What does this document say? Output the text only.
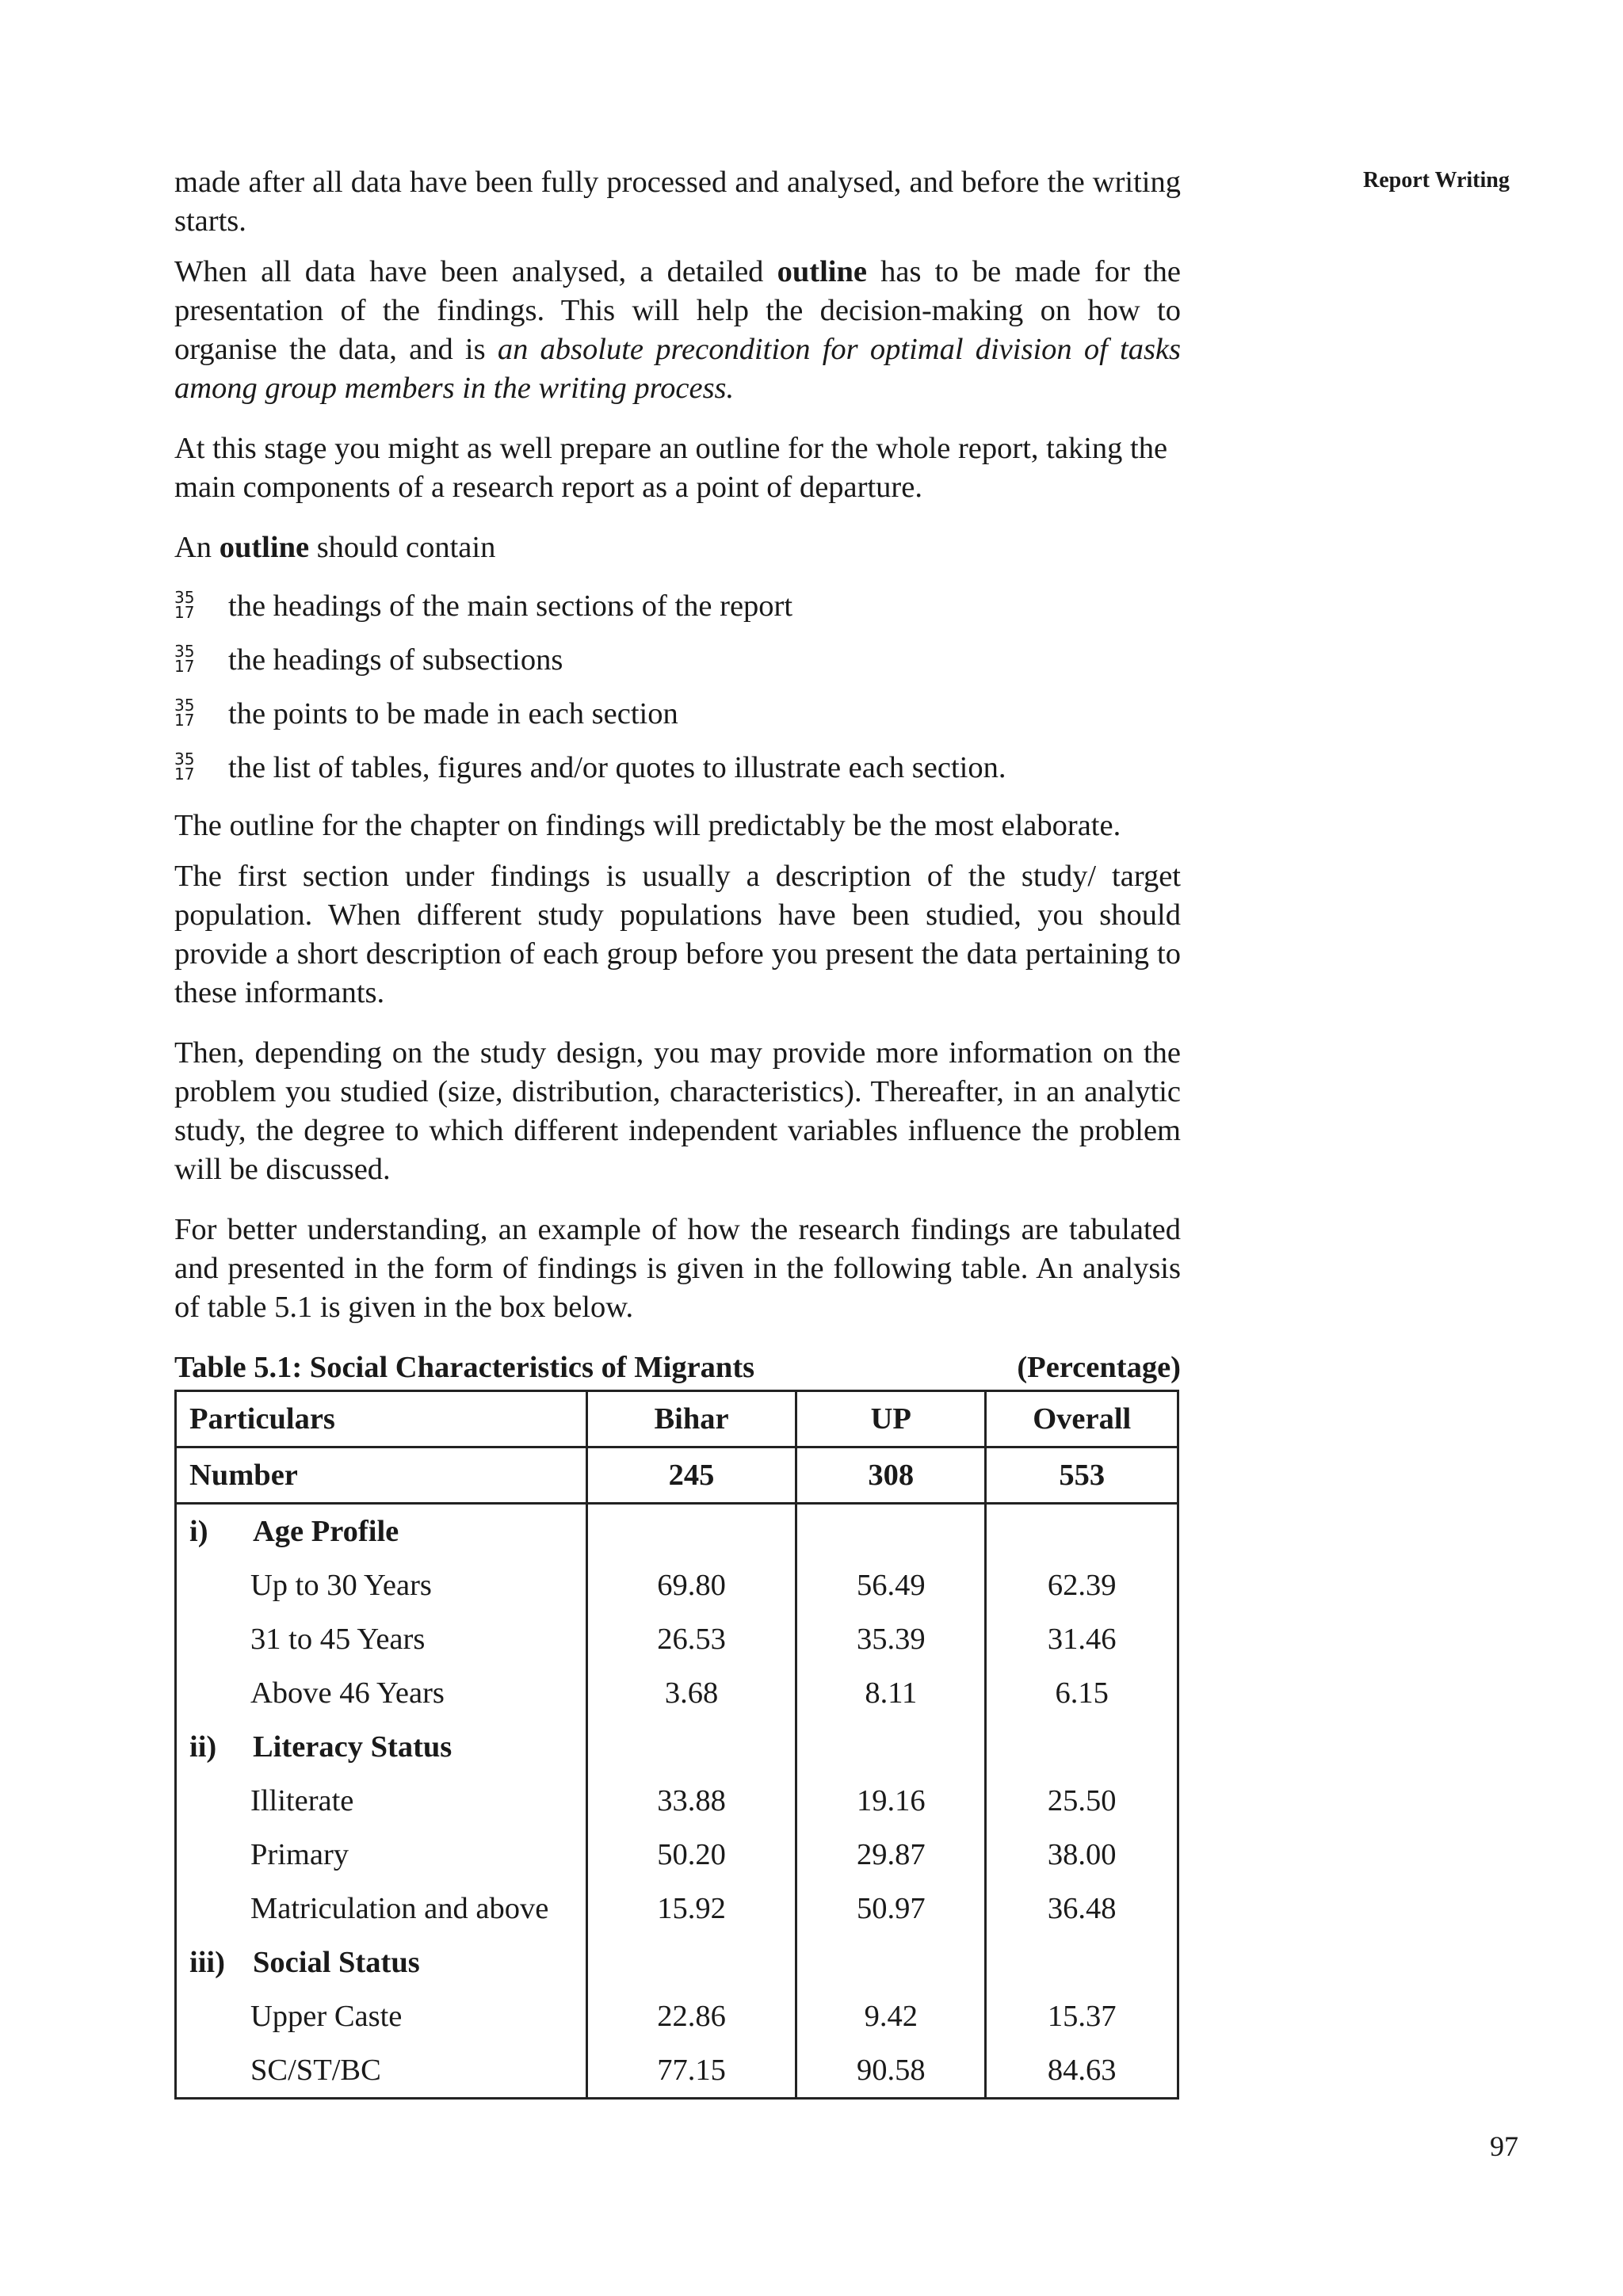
Report Writing

made after all data have been fully processed and analysed, and before the writing starts.

When all data have been analysed, a detailed outline has to be made for the presentation of the findings. This will help the decision-making on how to organise the data, and is an absolute precondition for optimal division of tasks among group members in the writing process.

At this stage you might as well prepare an outline for the whole report, taking the main components of a research report as a point of departure.

An outline should contain

35
17 the headings of the main sections of the report
35
17 the headings of subsections
35
17 the points to be made in each section
35
17 the list of tables, figures and/or quotes to illustrate each section.

The outline for the chapter on findings will predictably be the most elaborate.

The first section under findings is usually a description of the study/ target population. When different study populations have been studied, you should provide a short description of each group before you present the data pertaining to these informants.

Then, depending on the study design, you may provide more information on the problem you studied (size, distribution, characteristics). Thereafter, in an analytic study, the degree to which different independent variables influence the problem will be discussed.

For better understanding, an example of how the research findings are tabulated and presented in the form of findings is given in the following table. An analysis of table 5.1 is given in the box below.

Table 5.1: Social Characteristics of Migrants	(Percentage)
Particulars	Bihar	UP	Overall
Number	245	308	553
i) Age Profile			
Up to 30 Years	69.80	56.49	62.39
31 to 45 Years	26.53	35.39	31.46
Above 46 Years	3.68	8.11	6.15
ii) Literacy Status			
Illiterate	33.88	19.16	25.50
Primary	50.20	29.87	38.00
Matriculation and above	15.92	50.97	36.48
iii) Social Status			
Upper Caste	22.86	9.42	15.37
SC/ST/BC	77.15	90.58	84.63
97
